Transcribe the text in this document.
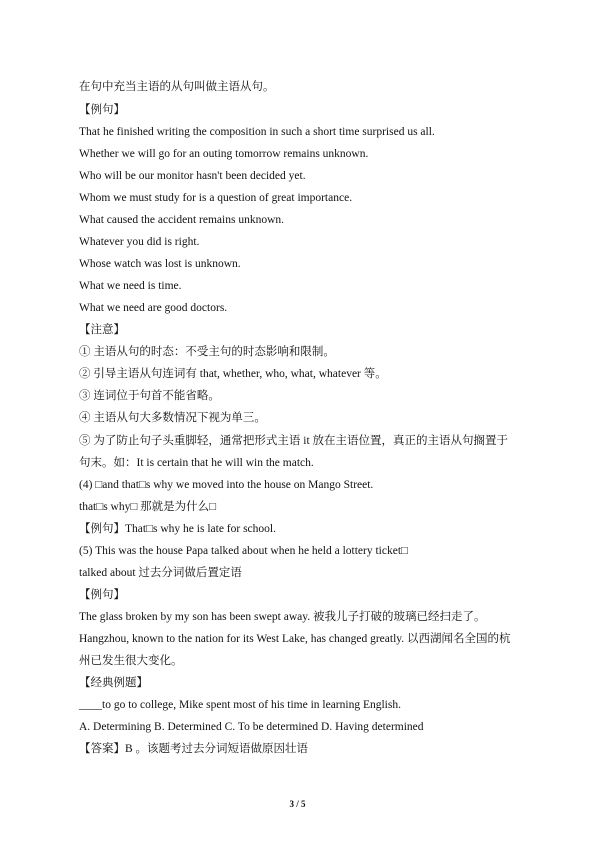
在句中充当主语的从句叫做主语从句。
【例句】
That he finished writing the composition in such a short time surprised us all.
Whether we will go for an outing tomorrow remains unknown.
Who will be our monitor hasn't been decided yet.
Whom we must study for is a question of great importance.
What caused the accident remains unknown.
Whatever you did is right.
Whose watch was lost is unknown.
What we need is time.
What we need are good doctors.
【注意】
① 主语从句的时态：不受主句的时态影响和限制。
② 引导主语从句连词有 that, whether, who, what, whatever 等。
③ 连词位于句首不能省略。
④ 主语从句大多数情况下视为单三。
⑤ 为了防止句子头重脚轻，通常把形式主语 it 放在主语位置，真正的主语从句搁置于
句末。如：It is certain that he will win the match.
(4) □and that□s why we moved into the house on Mango Street.
that□s why□ 那就是为什么□
【例句】That□s why he is late for school.
(5) This was the house Papa talked about when he held a lottery ticket□
talked about 过去分词做后置定语
【例句】
The glass broken by my son has been swept away. 被我儿子打破的玻璃已经扫走了。
Hangzhou, known to the nation for its West Lake, has changed greatly. 以西湖闻名全国的杭
州已发生很大变化。
【经典例题】
____to go to college, Mike spent most of his time in learning English.
A. Determining B. Determined C. To be determined D. Having determined
【答案】B 。该题考过去分词短语做原因壮语
3 / 5
